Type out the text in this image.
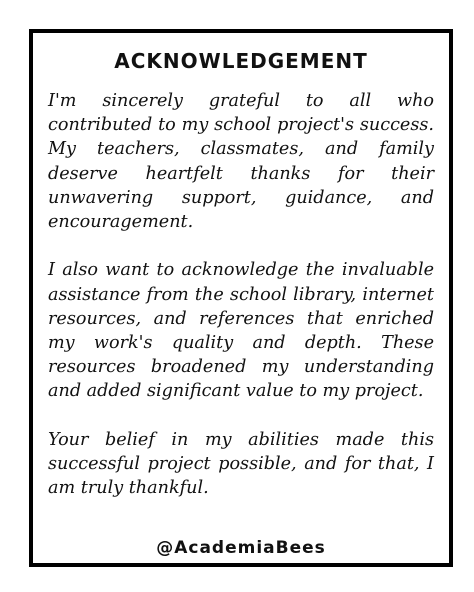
ACKNOWLEDGEMENT

I'm sincerely grateful to all who contributed to my school project's success. My teachers, classmates, and family deserve heartfelt thanks for their unwavering support, guidance, and encouragement.

I also want to acknowledge the invaluable assistance from the school library, internet resources, and references that enriched my work's quality and depth. These resources broadened my understanding and added significant value to my project.

Your belief in my abilities made this successful project possible, and for that, I am truly thankful.

@AcademiaBees
